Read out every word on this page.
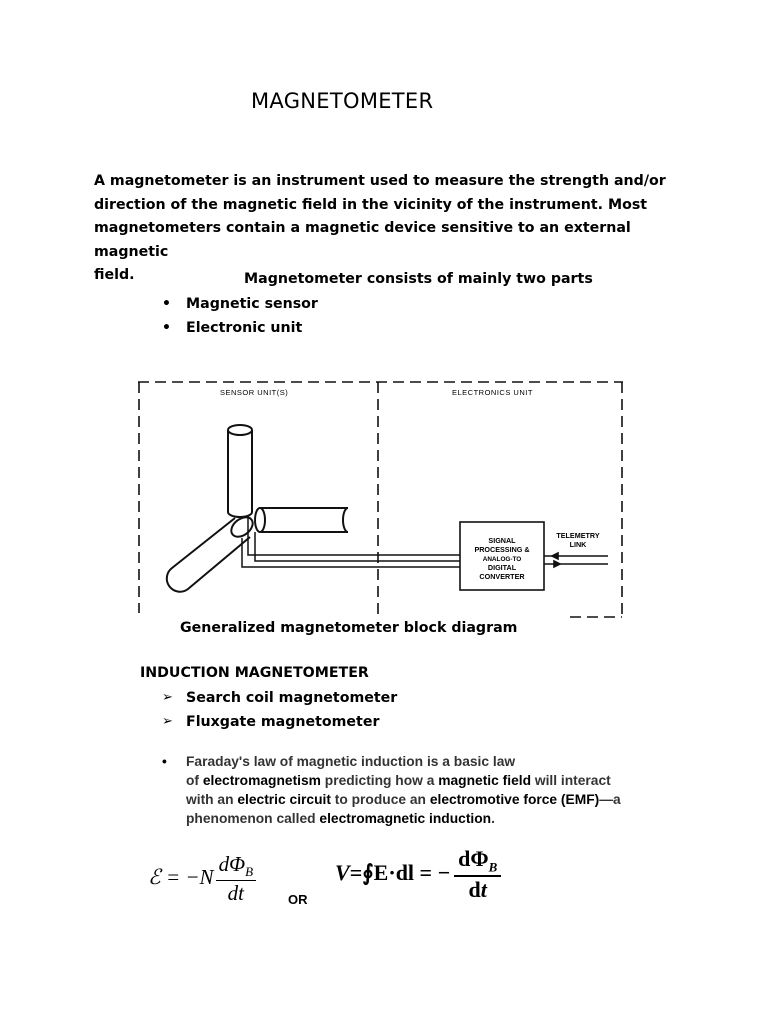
MAGNETOMETER
A magnetometer is an instrument used to measure the strength and/or
direction of the magnetic field in the vicinity of the instrument. Most
magnetometers contain a magnetic device sensitive to an external magnetic
field.	Magnetometer consists of mainly two parts
• Magnetic sensor
• Electronic unit
SENSOR UNIT(S)	ELECTRONICS UNIT
SIGNAL
PROCESSING &
ANALOG-TO
DIGITAL
CONVERTER
TELEMETRY
LINK
Generalized magnetometer block diagram
INDUCTION MAGNETOMETER
➢ Search coil magnetometer
➢ Fluxgate magnetometer
• Faraday's law of magnetic induction is a basic law
of electromagnetism predicting how a magnetic field will interact
with an electric circuit to produce an electromotive force (EMF)—a
phenomenon called electromagnetic induction.
ℰ = $-N \frac{d\Phi_B}{dt}$ OR
V=∮E·dl = − $\frac{d\Phi_B}{dt}$
